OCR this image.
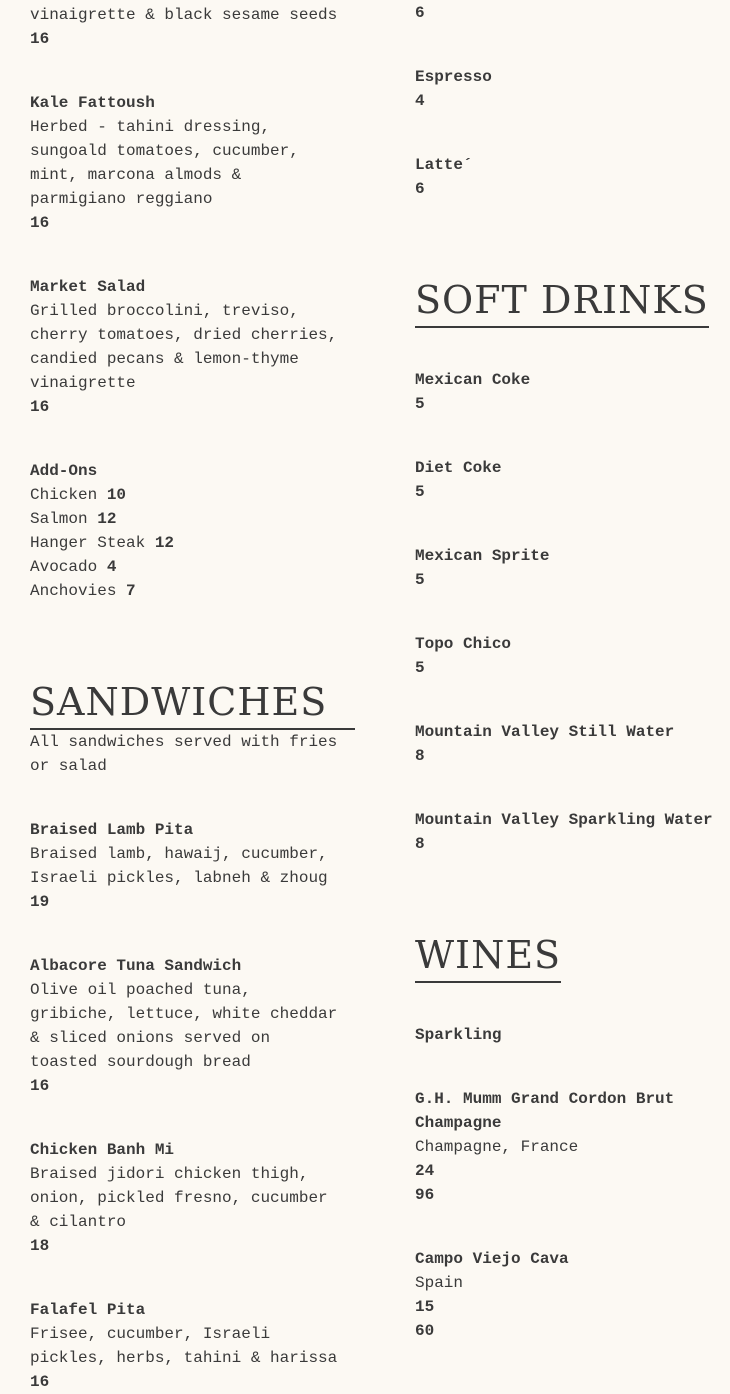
vinaigrette & black sesame seeds
16
Kale Fattoush
Herbed - tahini dressing,
sungoald tomatoes, cucumber,
mint, marcona almods &
parmigiano reggiano
16
Market Salad
Grilled broccolini, treviso,
cherry tomatoes, dried cherries,
candied pecans & lemon-thyme
vinaigrette
16
Add-Ons
Chicken 10
Salmon 12
Hanger Steak 12
Avocado 4
Anchovies 7
SANDWICHES
All sandwiches served with fries
or salad
Braised Lamb Pita
Braised lamb, hawaij, cucumber,
Israeli pickles, labneh & zhoug
19
Albacore Tuna Sandwich
Olive oil poached tuna,
gribiche, lettuce, white cheddar
& sliced onions served on
toasted sourdough bread
16
Chicken Banh Mi
Braised jidori chicken thigh,
onion, pickled fresno, cucumber
& cilantro
18
Falafel Pita
Frisee, cucumber, Israeli
pickles, herbs, tahini & harissa
16
6
Espresso
4
Latte´
6
SOFT DRINKS
Mexican Coke
5
Diet Coke
5
Mexican Sprite
5
Topo Chico
5
Mountain Valley Still Water
8
Mountain Valley Sparkling Water
8
WINES
Sparkling
G.H. Mumm Grand Cordon Brut
Champagne
Champagne, France
24
96
Campo Viejo Cava
Spain
15
60
